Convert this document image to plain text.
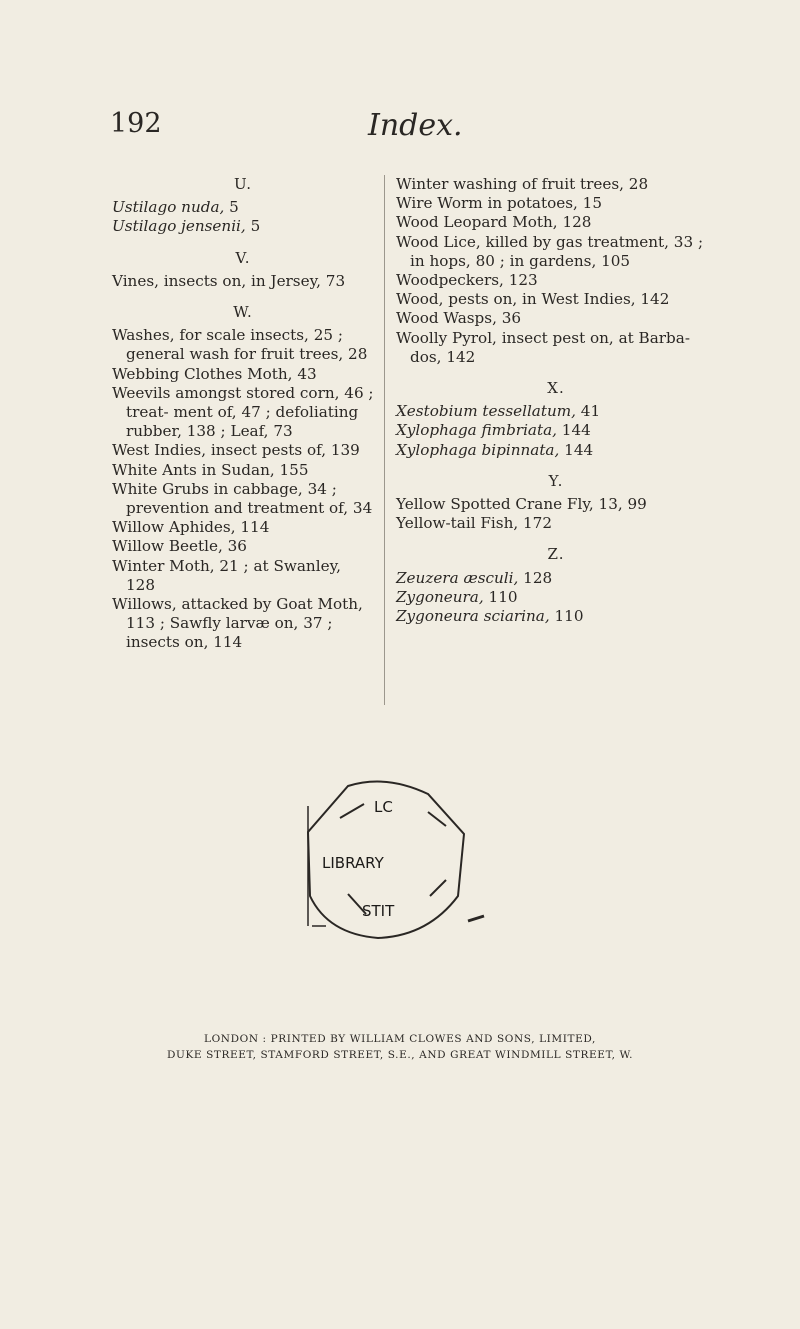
192	Index.
U.
Ustilago nuda, 5
Ustilago jensenii, 5
V.
Vines, insects on, in Jersey, 73
W.
Washes, for scale insects, 25 ; general wash for fruit trees, 28
Webbing Clothes Moth, 43
Weevils amongst stored corn, 46 ; treat- ment of, 47 ; defoliating rubber, 138 ; Leaf, 73
West Indies, insect pests of, 139
White Ants in Sudan, 155
White Grubs in cabbage, 34 ; prevention and treatment of, 34
Willow Aphides, 114
Willow Beetle, 36
Winter Moth, 21 ; at Swanley, 128
Willows, attacked by Goat Moth, 113 ; Sawfly larvæ on, 37 ; insects on, 114
Winter washing of fruit trees, 28
Wire Worm in potatoes, 15
Wood Leopard Moth, 128
Wood Lice, killed by gas treatment, 33 ; in hops, 80 ; in gardens, 105
Woodpeckers, 123
Wood, pests on, in West Indies, 142
Wood Wasps, 36
Woolly Pyrol, insect pest on, at Barba- dos, 142
X.
Xestobium tessellatum, 41
Xylophaga fimbriata, 144
Xylophaga bipinnata, 144
Y.
Yellow Spotted Crane Fly, 13, 99
Yellow-tail Fish, 172
Z.
Zeuzera æsculi, 128
Zygoneura, 110
Zygoneura sciarina, 110
LC
LIBRARY
STIT
LONDON : PRINTED BY WILLIAM CLOWES AND SONS, LIMITED,
DUKE STREET, STAMFORD STREET, S.E., AND GREAT WINDMILL STREET, W.
